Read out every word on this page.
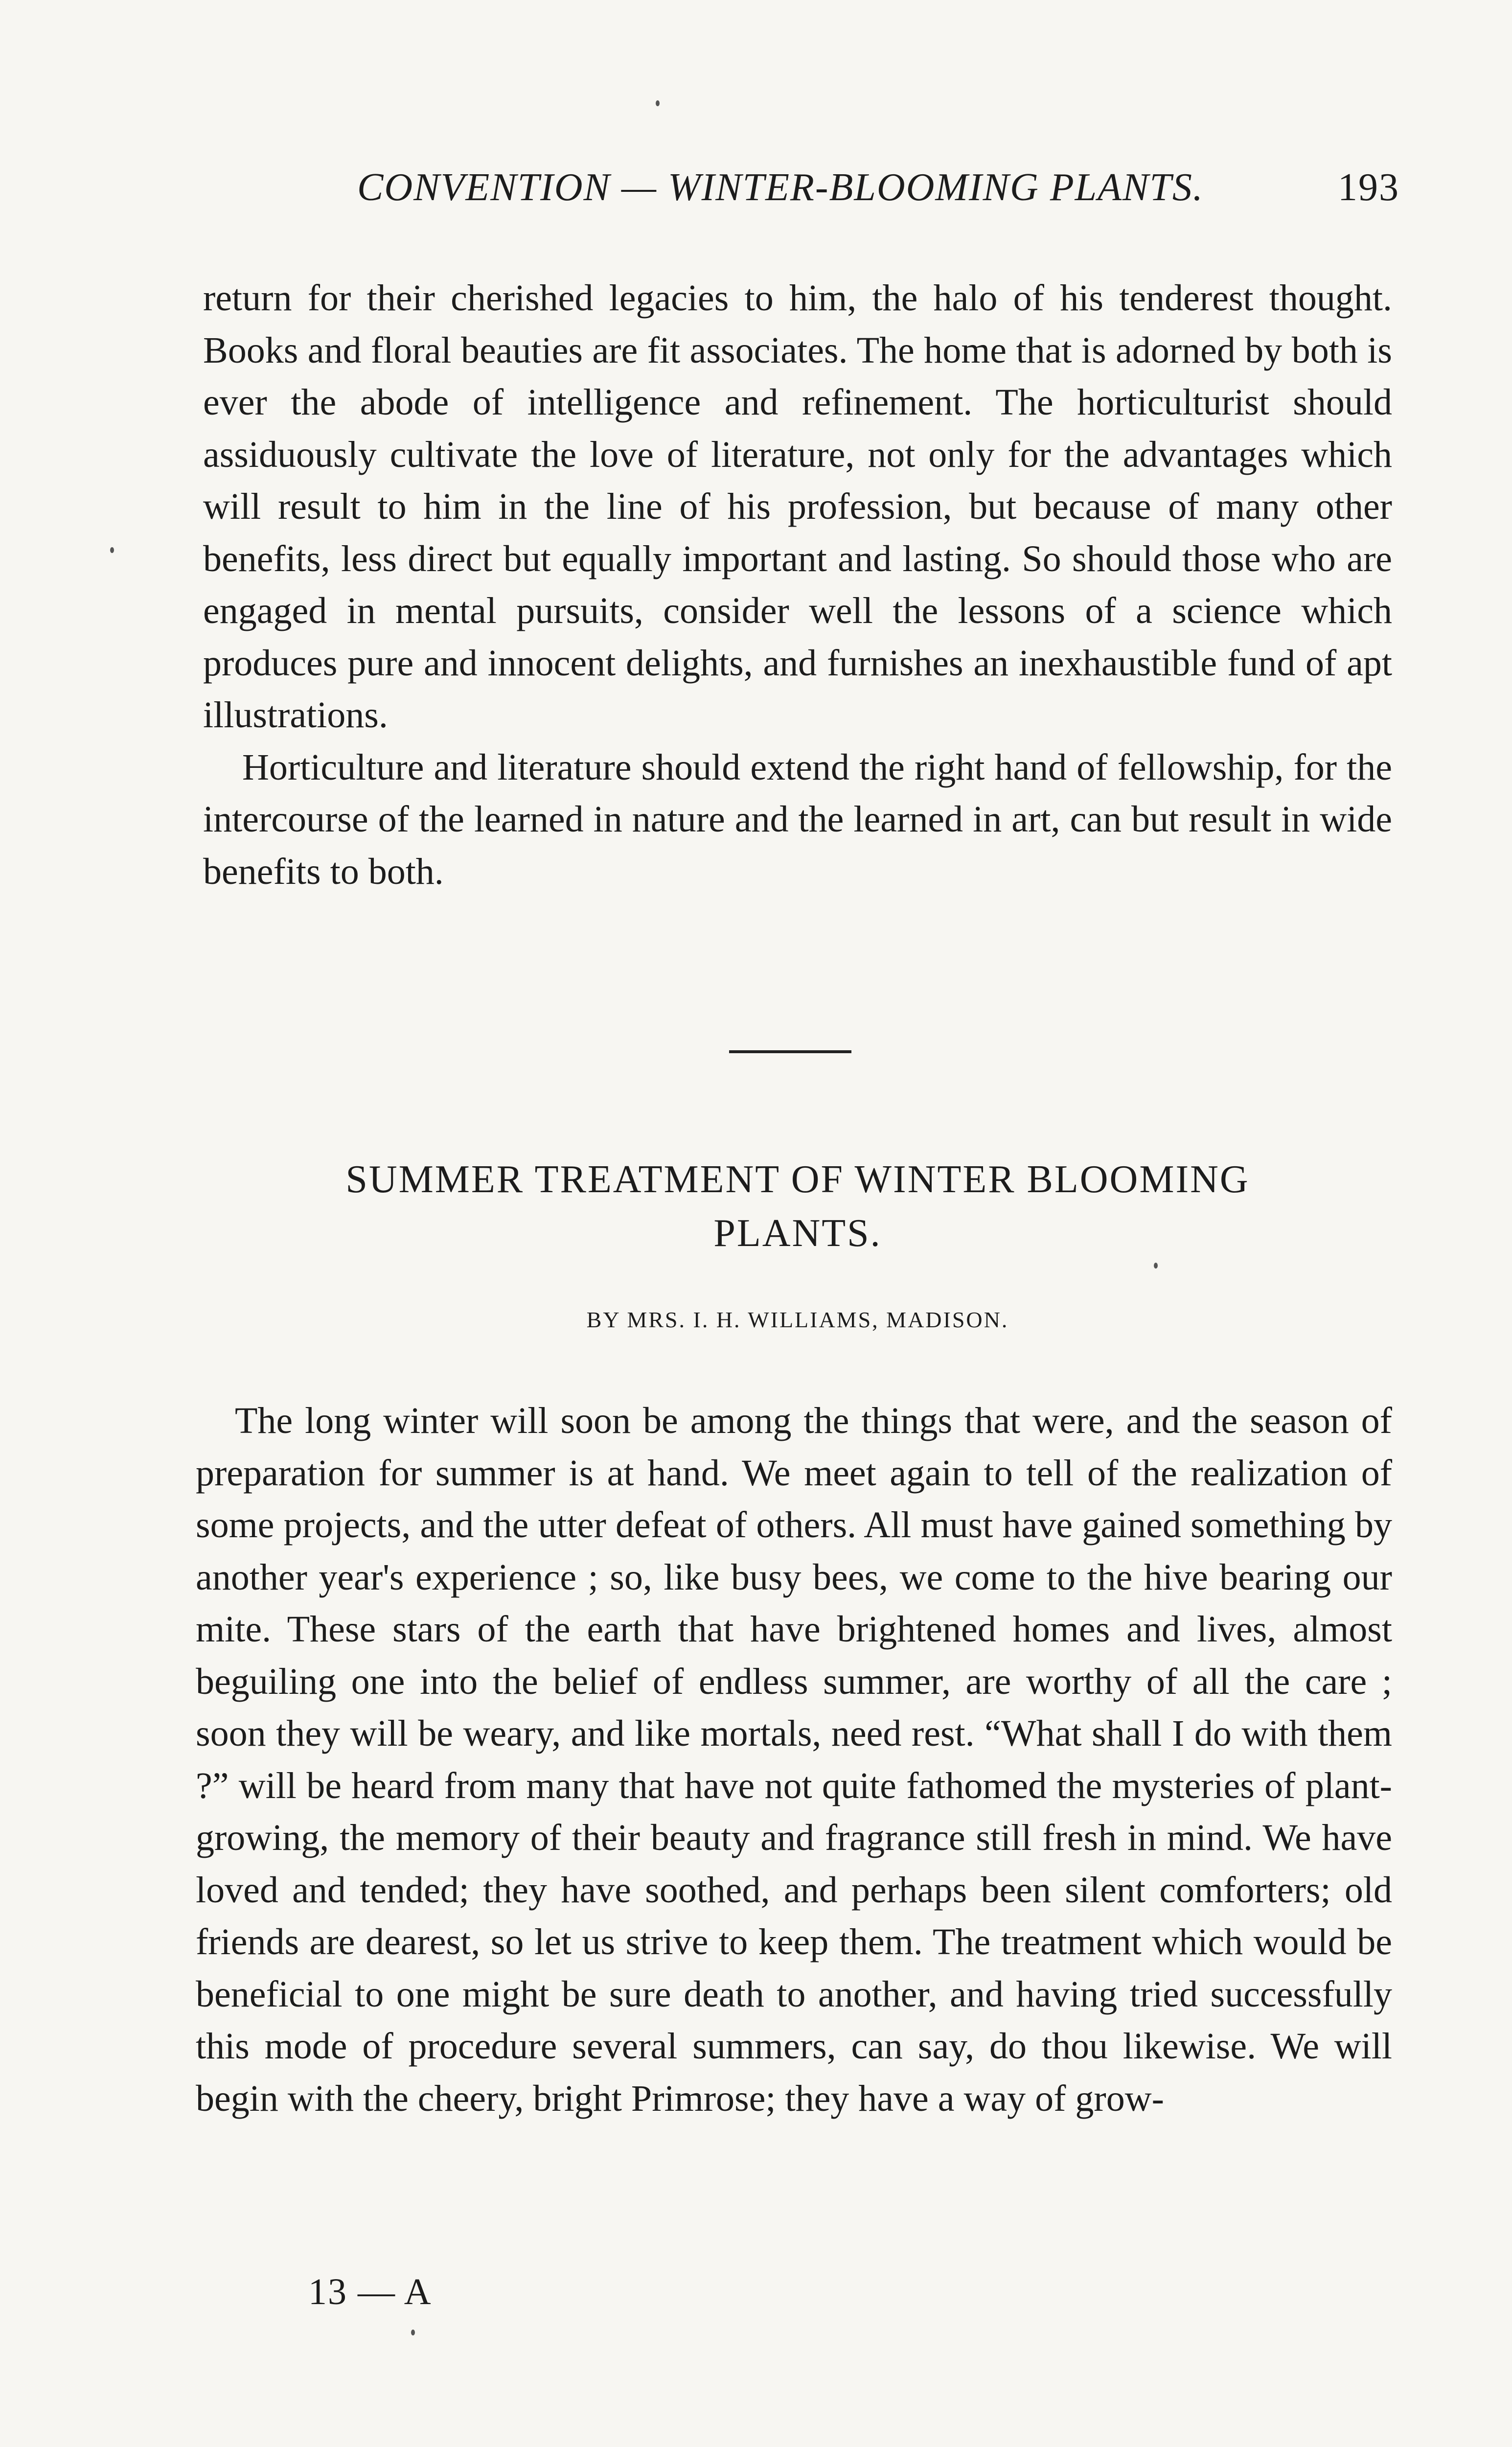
CONVENTION — WINTER-BLOOMING PLANTS.	193

return for their cherished legacies to him, the halo of his tenderest thought. Books and floral beauties are fit associates. The home that is adorned by both is ever the abode of intelligence and refinement. The horticulturist should assiduously cultivate the love of literature, not only for the advantages which will result to him in the line of his profession, but because of many other benefits, less direct but equally important and lasting. So should those who are engaged in mental pursuits, consider well the lessons of a science which produces pure and innocent delights, and furnishes an inexhaustible fund of apt illustrations.

Horticulture and literature should extend the right hand of fellowship, for the intercourse of the learned in nature and the learned in art, can but result in wide benefits to both.

SUMMER TREATMENT OF WINTER BLOOMING
PLANTS.
BY MRS. I. H. WILLIAMS, MADISON.

The long winter will soon be among the things that were, and the season of preparation for summer is at hand. We meet again to tell of the realization of some projects, and the utter defeat of others. All must have gained something by another year's experience ; so, like busy bees, we come to the hive bearing our mite. These stars of the earth that have brightened homes and lives, almost beguiling one into the belief of endless summer, are worthy of all the care ; soon they will be weary, and like mortals, need rest. “What shall I do with them ?” will be heard from many that have not quite fathomed the mysteries of plant-growing, the memory of their beauty and fragrance still fresh in mind. We have loved and tended; they have soothed, and perhaps been silent comforters; old friends are dearest, so let us strive to keep them. The treatment which would be beneficial to one might be sure death to another, and having tried successfully this mode of procedure several summers, can say, do thou likewise. We will begin with the cheery, bright Primrose; they have a way of grow-

13 — A
